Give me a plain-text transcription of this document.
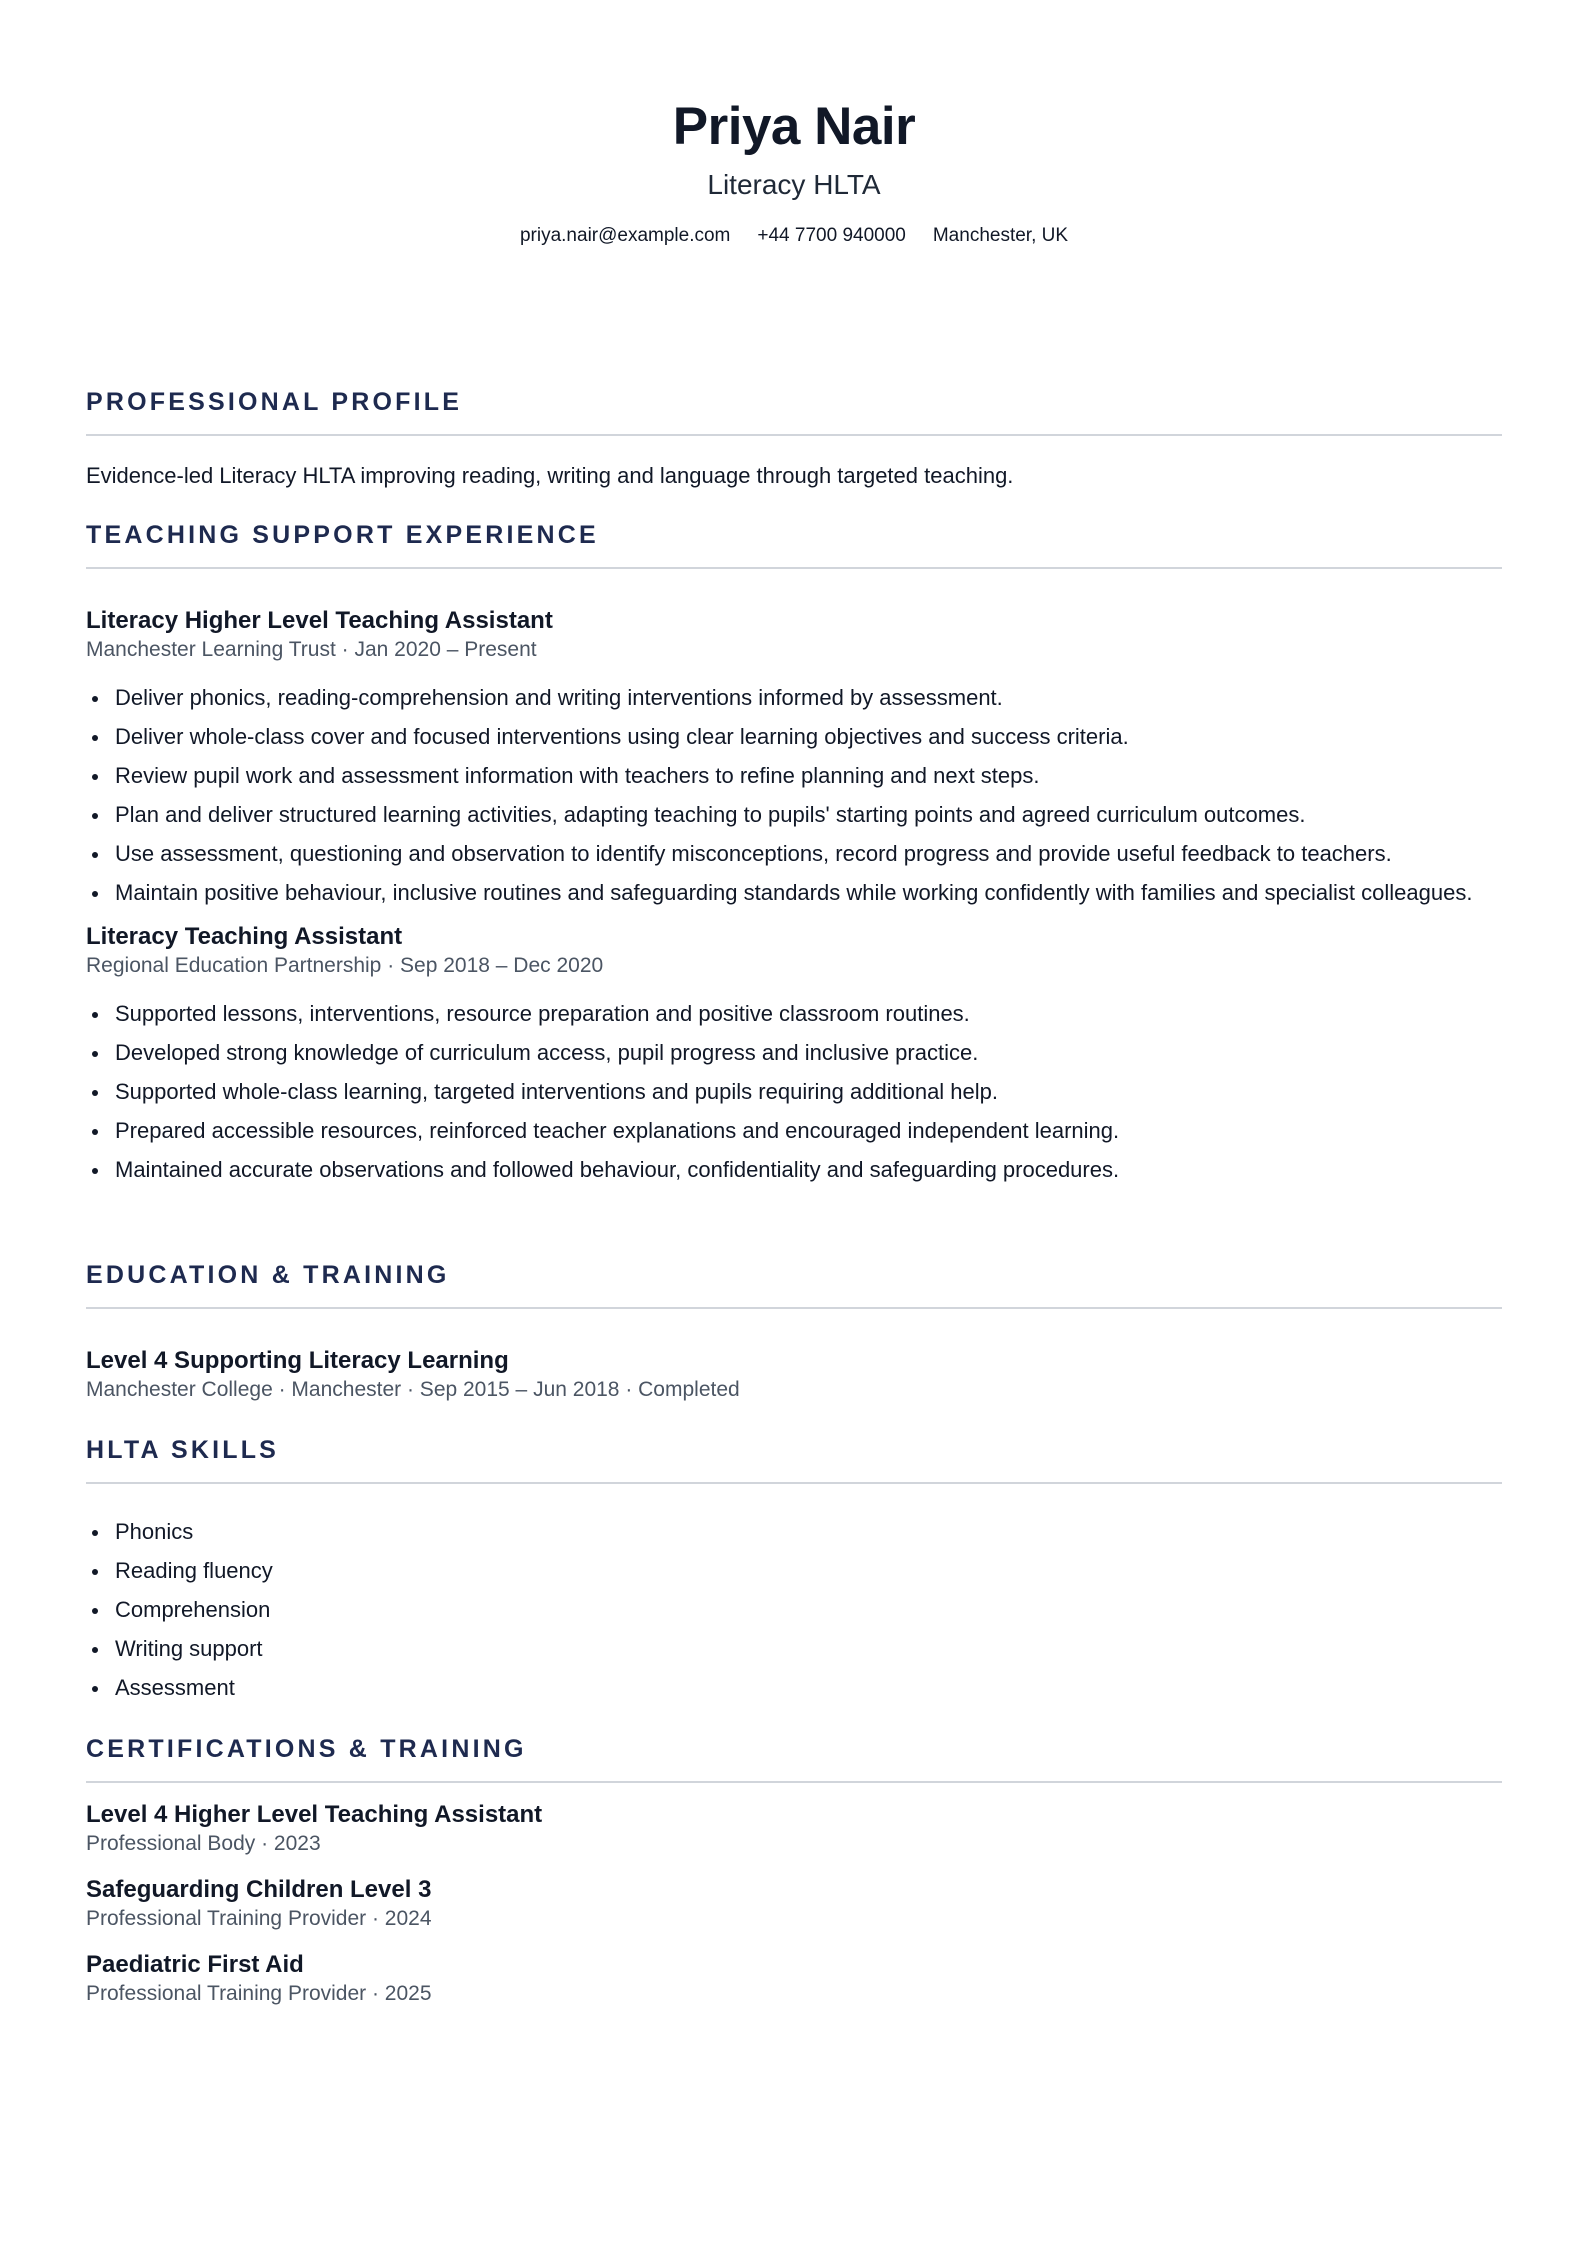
Priya Nair
Literacy HLTA
priya.nair@example.com +44 7700 940000 Manchester, UK
PROFESSIONAL PROFILE

Evidence-led Literacy HLTA improving reading, writing and language through targeted teaching.

TEACHING SUPPORT EXPERIENCE
Literacy Higher Level Teaching Assistant
Manchester Learning Trust · Jan 2020 – Present
Deliver phonics, reading-comprehension and writing interventions informed by assessment.
Deliver whole-class cover and focused interventions using clear learning objectives and success criteria.
Review pupil work and assessment information with teachers to refine planning and next steps.
Plan and deliver structured learning activities, adapting teaching to pupils' starting points and agreed curriculum outcomes.
Use assessment, questioning and observation to identify misconceptions, record progress and provide useful feedback to teachers.
Maintain positive behaviour, inclusive routines and safeguarding standards while working confidently with families and specialist colleagues.
Literacy Teaching Assistant
Regional Education Partnership · Sep 2018 – Dec 2020
Supported lessons, interventions, resource preparation and positive classroom routines.
Developed strong knowledge of curriculum access, pupil progress and inclusive practice.
Supported whole-class learning, targeted interventions and pupils requiring additional help.
Prepared accessible resources, reinforced teacher explanations and encouraged independent learning.
Maintained accurate observations and followed behaviour, confidentiality and safeguarding procedures.
EDUCATION & TRAINING
Level 4 Supporting Literacy Learning
Manchester College · Manchester · Sep 2015 – Jun 2018 · Completed
HLTA SKILLS
Phonics
Reading fluency
Comprehension
Writing support
Assessment
CERTIFICATIONS & TRAINING
Level 4 Higher Level Teaching Assistant
Professional Body · 2023
Safeguarding Children Level 3
Professional Training Provider · 2024
Paediatric First Aid
Professional Training Provider · 2025
